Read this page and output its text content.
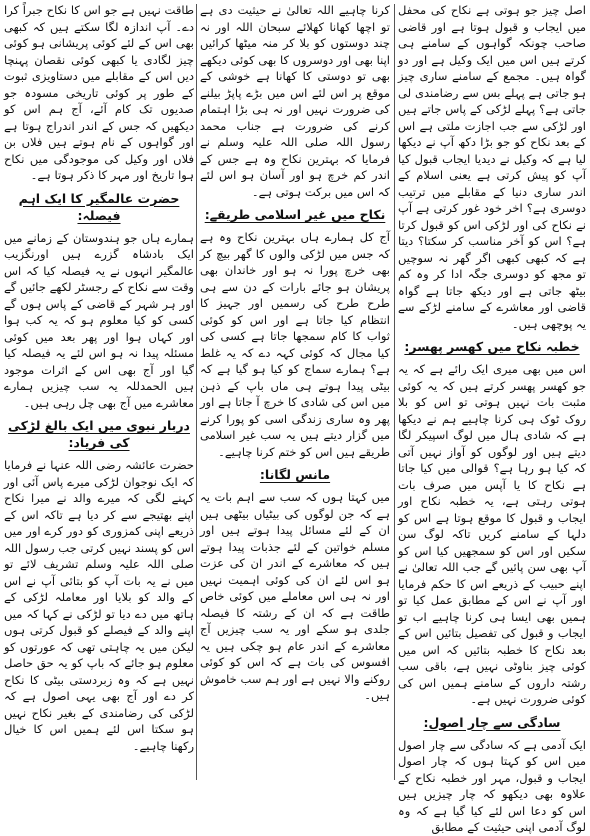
اصل چیز جو ہوتی ہے نکاح کی محفل میں ایجاب و قبول ہوتا ہے اور قاضی صاحب چونکہ گواہوں کے سامنے ہی کرتے ہیں اس میں ایک وکیل ہے اور دو گواہ ہیں۔ مجمع کے سامنے ساری چیز ہو جاتی ہے پہلے بس سے رضامندی لی جاتی ہے؟ پہلے لڑکی کے پاس جاتے ہیں اور لڑکی سے جب اجازت ملتی ہے اس کے بعد نکاح کو جو بڑا دکھ آپ نے دیکھا لیا ہے کہ وکیل نے دیدیا ایجاب قبول کیا آپ کو پیش کرتی ہے یعنی اسلام کے اندر ساری دنیا کے مقابلے میں ترتیب دوسری ہے؟ اخر خود غور کرتی ہے آپ نے نکاح کی اور لڑکی اس کو قبول کرتا ہے؟ اس کو آخر مناسب کر سکتا؟ دیتا ہے کہ کبھی کبھی اگر گھر نہ سوچیں تو مجھ کو دوسری جگہ ادا کر وہ کم بیٹھ جاتی ہے اور دیکھ جاتا ہے گواہ قاضی اور معاشرے کے سامنے لڑکے سے یہ پوچھی ہیں۔

خطبہ نکاح میں کھسر پھسر:

اس میں بھی میری ایک رائے ہے کہ یہ جو کھسر پھسر کرتے ہیں کہ یہ کوئی مثبت بات نہیں ہوتی تو اس کو بلا روک ٹوک ہی کرنا چاہیے ہم نے دیکھا ہے کہ شادی ہال میں لوگ اسپیکر لگا دیتے ہیں اور لوگوں کو آواز نہیں آتی کہ کیا ہو رہا ہے؟ قوالی میں کیا جاتا ہے نکاح کا یا آپس میں صرف بات ہوتی رہتی ہے، یہ خطبہ نکاح اور ایجاب و قبول کا موقع ہوتا ہے اس کو دلہا کے سامنے کریں تاکہ لوگ سن سکیں اور اس کو سمجھیں کیا اس کو آپ بھی سن پائیں گے جب اللہ تعالیٰ نے اپنے حبیب کے ذریعے اس کا حکم فرمایا اور آپ نے اس کے مطابق عمل کیا تو ہمیں بھی ایسا ہی کرنا چاہیے اب تو ایجاب و قبول کی تفصیل بتائیں اس کے بعد نکاح کا خطبہ بتائیں کہ اس میں کوئی چیز بناوٹی نہیں ہے، باقی سب رشتہ داروں کے سامنے ہمیں اس کی کوئی ضرورت نہیں ہے۔

سادگی سے چار اصول:

ایک آدمی ہے کہ سادگی سے چار اصول میں اس کو کہتا ہوں کہ چار اصول ایجاب و قبول، مہر اور خطبہ نکاح کے علاوہ بھی دیکھو کہ چار چیزیں ہیں اس کو دعا اس لئے کیا گیا ہے کہ وہ لوگ آدمی اپنی حیثیت کے مطابق

کرنا چاہیے اللہ تعالیٰ نے حیثیت دی ہے تو اچھا کھانا کھلائے سبحان اللہ اور نہ چند دوستوں کو بلا کر منہ میٹھا کرائیں اپنا بھی اور دوسروں کا بھی کوئی دیکھے بھی تو دوستی کا کھانا ہے خوشی کے موقع پر اس لئے اس میں بڑے پاپڑ بیلنے کی ضرورت نہیں اور نہ ہی بڑا اہتمام کرنے کی ضرورت ہے جناب محمد رسول اللہ صلی اللہ علیہ وسلم نے فرمایا کہ بہترین نکاح وہ ہے جس کے اندر کم خرچ ہو اور آسان ہو اس لئے کہ اس میں برکت ہوتی ہے۔

نکاح میں غیر اسلامی طریقے:

آج کل ہمارے ہاں بہترین نکاح وہ ہے کہ جس میں لڑکی والوں کا گھر بیچ کر بھی خرچ پورا نہ ہو اور خاندان بھی پریشان ہو جائے بارات کے دن سے ہی طرح طرح کی رسمیں اور جہیز کا انتظام کیا جاتا ہے اور اس کو کوئی ثواب کا کام سمجھا جاتا ہے کسی کی کیا مجال کہ کوئی کہہ دے کہ یہ غلط ہے؟ ہمارے سماج کو کیا ہو گیا ہے کہ بیٹی پیدا ہوتے ہی ماں باپ کے ذہن میں اس کی شادی کا خرچ آ جاتا ہے اور پھر وہ ساری زندگی اسی کو پورا کرنے میں گزار دیتے ہیں یہ سب غیر اسلامی طریقے ہیں اس کو ختم کرنا چاہیے۔

مانس لگانا:

میں کہتا ہوں کہ سب سے اہم بات یہ ہے کہ جن لوگوں کی بیٹیاں بیٹھی ہیں ان کے لئے مسائل پیدا ہوتے ہیں اور مسلم خواتین کے لئے جذبات پیدا ہوتے ہیں کہ معاشرے کے اندر ان کی عزت ہو اس لئے ان کی کوئی اہمیت نہیں اور نہ ہی اس معاملے میں کوئی خاص طاقت ہے کہ ان کے رشتہ کا فیصلہ جلدی ہو سکے اور یہ سب چیزیں آج معاشرے کے اندر عام ہو چکی ہیں یہ افسوس کی بات ہے کہ اس کو کوئی روکنے والا نہیں ہے اور ہم سب خاموش ہیں۔

طاقت نہیں ہے جو اس کا نکاح جبراً کرا دے۔ آپ اندازہ لگا سکتے ہیں کہ کبھی بھی اس کے لئے کوئی پریشانی ہو کوئی چیز لگادی یا کبھی کوئی نقصان پہنچا دیں اس کے مقابلے میں دستاویزی ثبوت کے طور پر کوئی تاریخی مسودہ جو صدیوں تک کام آئے، آج ہم اس کو دیکھیں کہ جس کے اندر اندراج ہوتا ہے اور گواہوں کے نام ہوتے ہیں فلاں بن فلاں اور وکیل کی موجودگی میں نکاح ہوا تاریخ اور مہر کا ذکر ہوتا ہے۔

حضرت عالمگیر کا ایک اہم فیصلہ:

ہمارے ہاں جو ہندوستان کے زمانے میں ایک بادشاہ گزرے ہیں اورنگزیب عالمگیر انہوں نے یہ فیصلہ کیا کہ اس وقت سے نکاح کے رجسٹر لکھے جائیں گے اور ہر شہر کے قاضی کے پاس ہوں گے کسی کو کیا معلوم ہو کہ یہ کب ہوا اور کہاں ہوا اور پھر بعد میں کوئی مسئلہ پیدا نہ ہو اس لئے یہ فیصلہ کیا گیا اور آج بھی اس کے اثرات موجود ہیں الحمدللہ یہ سب چیزیں ہمارے معاشرے میں آج بھی چل رہی ہیں۔

دربار نبوی میں ایک بالغ لڑکی کی فریاد:

حضرت عائشہ رضی اللہ عنہا نے فرمایا کہ ایک نوجوان لڑکی میرے پاس آئی اور کہنے لگی کہ میرے والد نے میرا نکاح اپنے بھتیجے سے کر دیا ہے تاکہ اس کے ذریعے اپنی کمزوری کو دور کرے اور میں اس کو پسند نہیں کرتی جب رسول اللہ صلی اللہ علیہ وسلم تشریف لائے تو میں نے یہ بات آپ کو بتائی آپ نے اس کے والد کو بلایا اور معاملہ لڑکی کے ہاتھ میں دے دیا تو لڑکی نے کہا کہ میں اپنے والد کے فیصلے کو قبول کرتی ہوں لیکن میں یہ چاہتی تھی کہ عورتوں کو معلوم ہو جائے کہ باپ کو یہ حق حاصل نہیں ہے کہ وہ زبردستی بیٹی کا نکاح کر دے اور آج بھی یہی اصول ہے کہ لڑکی کی رضامندی کے بغیر نکاح نہیں ہو سکتا اس لئے ہمیں اس کا خیال رکھنا چاہیے۔
